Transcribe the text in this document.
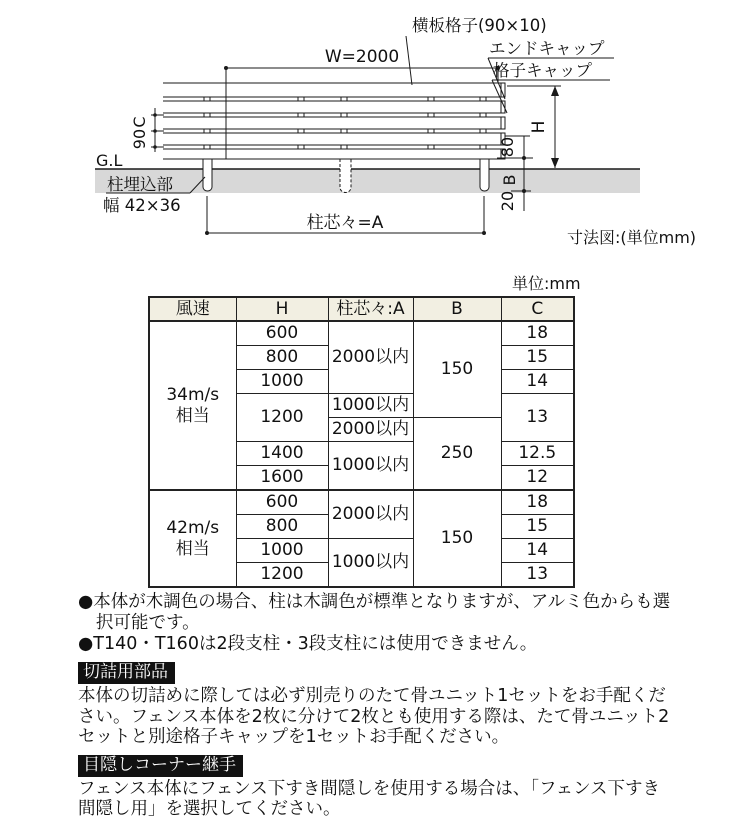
W=2000
横板格子(90×10)
エンドキャップ
格子キャップ
C
90
G.L
柱埋込部
幅 42×36
柱芯々=A
H
80
B
20
寸法図:(単位mm)
単位:mm
風速	H	柱芯々:A	B	C

34m/s
相当	600	2000以内	150	18
	800			15
	1000			14
	1200	1000以内		13
		2000以内	250	
	1400	1000以内		12.5
	1600			12

42m/s
相当	600	2000以内	150	18
	800			15
	1000	1000以内		14
	1200			13

●本体が木調色の場合、柱は木調色が標準となりますが、アルミ色からも選択可能です。

●T140・T160は2段支柱・3段支柱には使用できません。

切詰用部品
本体の切詰めに際しては必ず別売りのたて骨ユニット1セットをお手配ください。フェンス本体を2枚に分けて2枚とも使用する際は、たて骨ユニット2セットと別途格子キャップを1セットお手配ください。
目隠しコーナー継手
フェンス本体にフェンス下すき間隠しを使用する場合は、「フェンス下すき間隠し用」を選択してください。
